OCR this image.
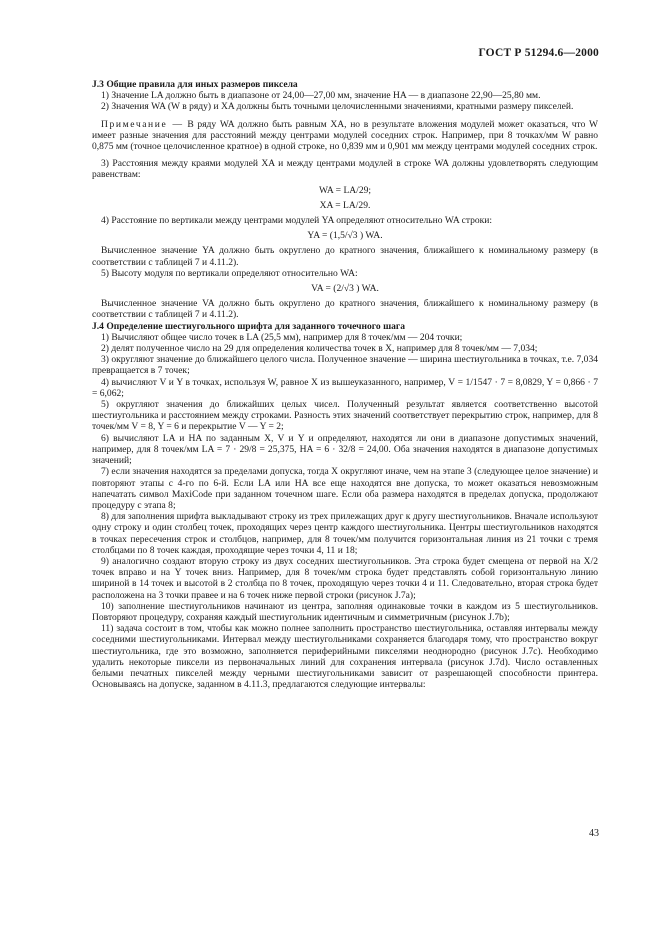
ГОСТ Р 51294.6—2000

J.3 Общие правила для иных размеров пиксела

1) Значение LA должно быть в диапазоне от 24,00—27,00 мм, значение HA — в диапазоне 22,90—25,80 мм.

2) Значения WA (W в ряду) и XA должны быть точными целочисленными значениями, кратными размеру пикселей.

Примечание — В ряду WA должно быть равным XA, но в результате вложения модулей может оказаться, что W имеет разные значения для расстояний между центрами модулей соседних строк. Например, при 8 точках/мм W равно 0,875 мм (точное целочисленное кратное) в одной строке, но 0,839 мм и 0,901 мм между центрами модулей соседних строк.

3) Расстояния между краями модулей XA и между центрами модулей в строке WA должны удовлетворять следующим равенствам:

WA = LA/29;

XA = LA/29.

4) Расстояние по вертикали между центрами модулей YA определяют относительно WA строки:

YA = (1,5/√3 ) WA.

Вычисленное значение YA должно быть округлено до кратного значения, ближайшего к номинальному размеру (в соответствии с таблицей 7 и 4.11.2).

5) Высоту модуля по вертикали определяют относительно WA:

VA = (2/√3 ) WA.

Вычисленное значение VA должно быть округлено до кратного значения, ближайшего к номинальному размеру (в соответствии с таблицей 7 и 4.11.2).

J.4 Определение шестиугольного шрифта для заданного точечного шага

1) Вычисляют общее число точек в LA (25,5 мм), например для 8 точек/мм — 204 точки;

2) делят полученное число на 29 для определения количества точек в X, например для 8 точек/мм — 7,034;

3) округляют значение до ближайшего целого числа. Полученное значение — ширина шестиугольника в точках, т.е. 7,034 превращается в 7 точек;

4) вычисляют V и Y в точках, используя W, равное X из вышеуказанного, например, V = 1/1547 · 7 = 8,0829, Y = 0,866 · 7 = 6,062;

5) округляют значения до ближайших целых чисел. Полученный результат является соответственно высотой шестиугольника и расстоянием между строками. Разность этих значений соответствует перекрытию строк, например, для 8 точек/мм V = 8, Y = 6 и перекрытие V — Y = 2;

6) вычисляют LA и HA по заданным X, V и Y и определяют, находятся ли они в диапазоне допустимых значений, например, для 8 точек/мм LA = 7 · 29/8 = 25,375, HA = 6 · 32/8 = 24,00. Оба значения находятся в диапазоне допустимых значений;

7) если значения находятся за пределами допуска, тогда X округляют иначе, чем на этапе 3 (следующее целое значение) и повторяют этапы с 4-го по 6-й. Если LA или HA все еще находятся вне допуска, то может оказаться невозможным напечатать символ MaxiCode при заданном точечном шаге. Если оба размера находятся в пределах допуска, продолжают процедуру с этапа 8;

8) для заполнения шрифта выкладывают строку из трех прилежащих друг к другу шестиугольников. Вначале используют одну строку и один столбец точек, проходящих через центр каждого шестиугольника. Центры шестиугольников находятся в точках пересечения строк и столбцов, например, для 8 точек/мм получится горизонтальная линия из 21 точки с тремя столбцами по 8 точек каждая, проходящие через точки 4, 11 и 18;

9) аналогично создают вторую строку из двух соседних шестиугольников. Эта строка будет смещена от первой на X/2 точек вправо и на Y точек вниз. Например, для 8 точек/мм строка будет представлять собой горизонтальную линию шириной в 14 точек и высотой в 2 столбца по 8 точек, проходящую через точки 4 и 11. Следовательно, вторая строка будет расположена на 3 точки правее и на 6 точек ниже первой строки (рисунок J.7a);

10) заполнение шестиугольников начинают из центра, заполняя одинаковые точки в каждом из 5 шестиугольников. Повторяют процедуру, сохраняя каждый шестиугольник идентичным и симметричным (рисунок J.7b);

11) задача состоит в том, чтобы как можно полнее заполнить пространство шестиугольника, оставляя интервалы между соседними шестиугольниками. Интервал между шестиугольниками сохраняется благодаря тому, что пространство вокруг шестиугольника, где это возможно, заполняется периферийными пикселями неоднородно (рисунок J.7c). Необходимо удалить некоторые пиксели из первоначальных линий для сохранения интервала (рисунок J.7d). Число оставленных белыми печатных пикселей между черными шестиугольниками зависит от разрешающей способности принтера. Основываясь на допуске, заданном в 4.11.3, предлагаются следующие интервалы:

43
